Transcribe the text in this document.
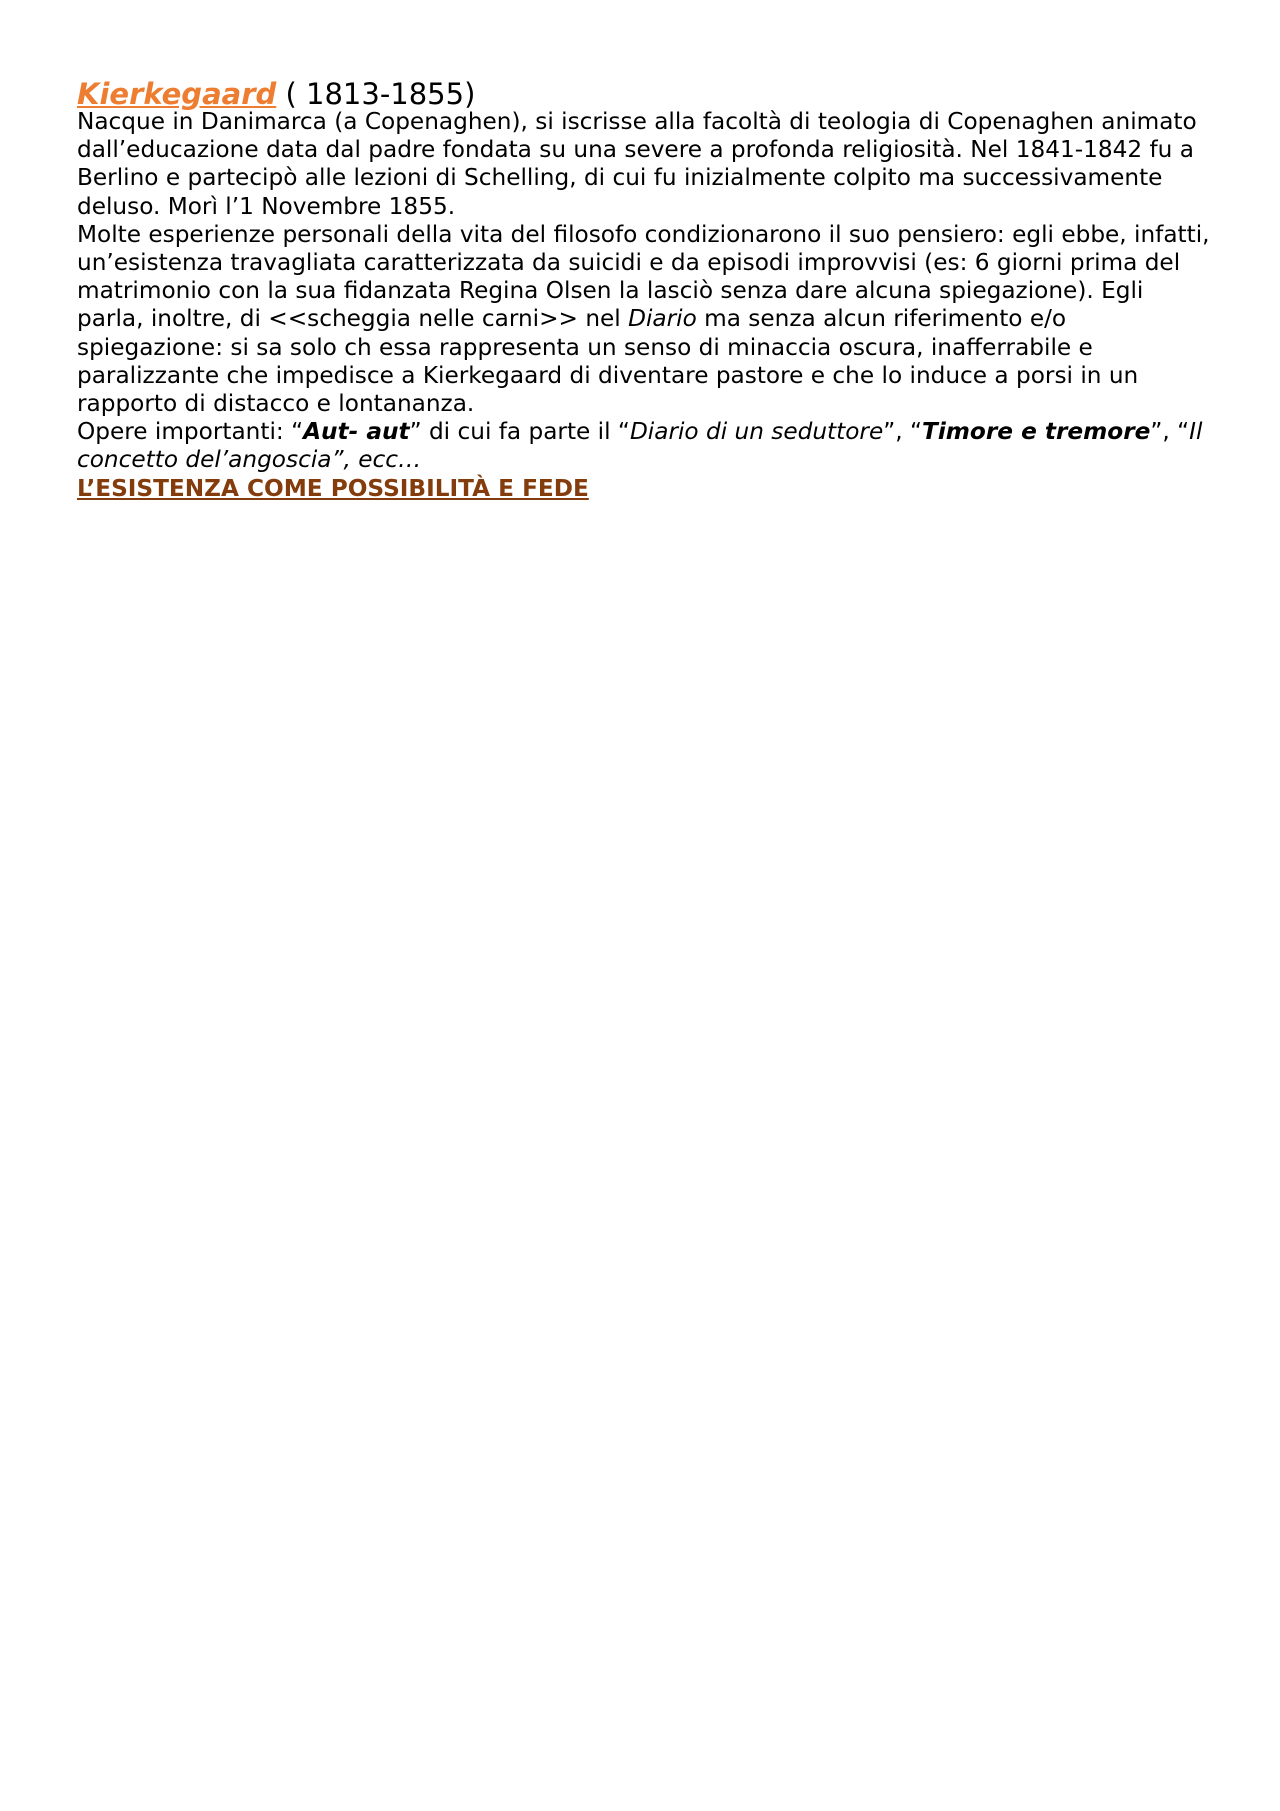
Kierkegaard ( 1813-1855)

Nacque in Danimarca (a Copenaghen), si iscrisse alla facoltà di teologia di Copenaghen animato dall’educazione data dal padre fondata su una severe a profonda religiosità. Nel 1841-1842 fu a Berlino e partecipò alle lezioni di Schelling, di cui fu inizialmente colpito ma successivamente deluso. Morì l’1 Novembre 1855.

Molte esperienze personali della vita del filosofo condizionarono il suo pensiero: egli ebbe, infatti, un’esistenza travagliata caratterizzata da suicidi e da episodi improvvisi (es: 6 giorni prima del matrimonio con la sua fidanzata Regina Olsen la lasciò senza dare alcuna spiegazione). Egli parla, inoltre, di <<scheggia nelle carni>> nel Diario ma senza alcun riferimento e/o spiegazione: si sa solo ch essa rappresenta un senso di minaccia oscura, inafferrabile e paralizzante che impedisce a Kierkegaard di diventare pastore e che lo induce a porsi in un rapporto di distacco e lontananza.

Opere importanti: “Aut- aut” di cui fa parte il “Diario di un seduttore”, “Timore e tremore”, “Il concetto del’angoscia”, ecc…

L’ESISTENZA COME POSSIBILITÀ E FEDE
